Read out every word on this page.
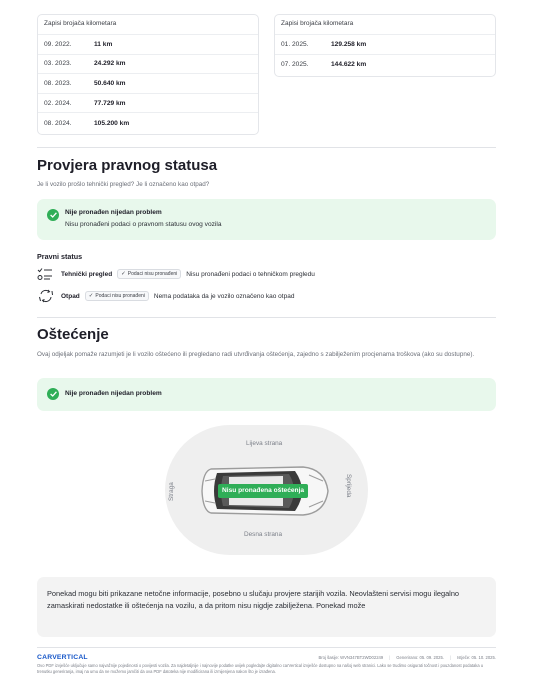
Zapisi brojača kilometara
09. 2022.	11 km
03. 2023.	24.292 km
08. 2023.	50.640 km
02. 2024.	77.729 km
08. 2024.	105.200 km
Zapisi brojača kilometara
01. 2025.	129.258 km
07. 2025.	144.622 km
Provjera pravnog statusa
Je li vozilo prošlo tehnički pregled? Je li označeno kao otpad?
Nije pronađen nijedan problem
Nisu pronađeni podaci o pravnom statusu ovog vozila
Pravni status
Tehnički pregled ✓ Podaci nisu pronađeni Nisu pronađeni podaci o tehničkom pregledu
Otpad ✓ Podaci nisu pronađeni Nema podataka da je vozilo označeno kao otpad
Oštećenje
Ovaj odjeljak pomaže razumjeti je li vozilo oštećeno ili pregledano radi utvrđivanja oštećenja, zajedno s zabilježenim procjenama troškova (ako su dostupne).
Nije pronađen nijedan problem
Lijeva strana
Desna strana
Straga	Sprijeda
Nisu pronađena oštećenja
Ponekad mogu biti prikazane netočne informacije, posebno u slučaju provjere starijih vozila. Neovlašteni servisi mogu ilegalno zamaskirati nedostatke ili oštećenja na vozilu, a da pritom nisu nigdje zabilježena. Ponekad može
CARVERTICAL	Broj šasije: WVN347BT2WD02249 | Generirano: 05. 09. 2025. | Istječe: 05. 10. 2025.
Ovo PDF izvješće uključuje samo najvažnije pojedinosti o povijesti vozila. Za najdetaljnije i najnovije podatke uvijek pogledajte digitalno carVertical izvješće dostupno na našoj web stranici. Lako se trudimo osigurati točnost i pouzdanost podataka u trenutku generiranja, imaj na umu da ne možemo jamčiti da ova PDF datoteka nije modificirana ili izmijenjena nakon što je izrađena.
